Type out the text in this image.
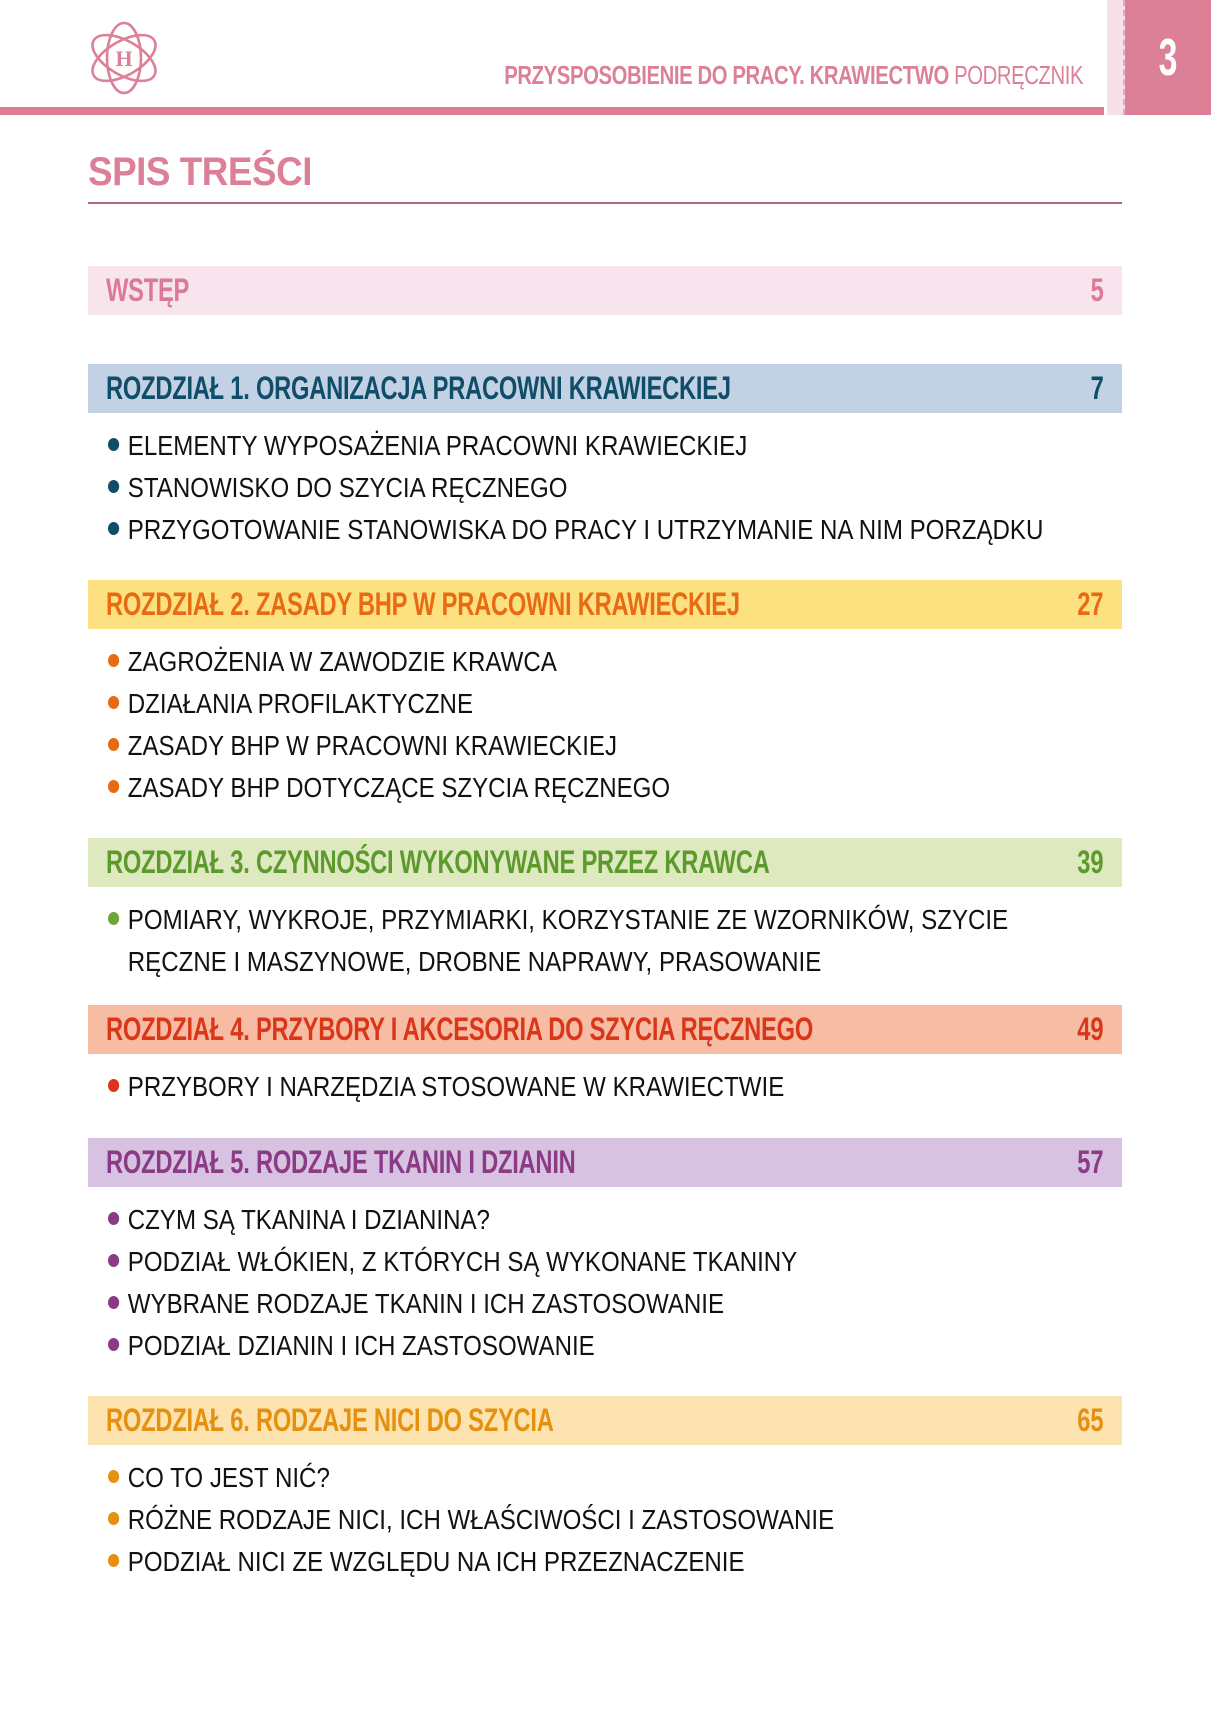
H
PRZYSPOSOBIENIE DO PRACY. KRAWIECTWO PODRĘCZNIK	3
SPIS TREŚCI
WSTĘP	5
ROZDZIAŁ 1. ORGANIZACJA PRACOWNI KRAWIECKIEJ	7
ELEMENTY WYPOSAŻENIA PRACOWNI KRAWIECKIEJ
STANOWISKO DO SZYCIA RĘCZNEGO
PRZYGOTOWANIE STANOWISKA DO PRACY I UTRZYMANIE NA NIM PORZĄDKU
ROZDZIAŁ 2. ZASADY BHP W PRACOWNI KRAWIECKIEJ	27
ZAGROŻENIA W ZAWODZIE KRAWCA
DZIAŁANIA PROFILAKTYCZNE
ZASADY BHP W PRACOWNI KRAWIECKIEJ
ZASADY BHP DOTYCZĄCE SZYCIA RĘCZNEGO
ROZDZIAŁ 3. CZYNNOŚCI WYKONYWANE PRZEZ KRAWCA	39
POMIARY, WYKROJE, PRZYMIARKI, KORZYSTANIE ZE WZORNIKÓW, SZYCIE
RĘCZNE I MASZYNOWE, DROBNE NAPRAWY, PRASOWANIE
ROZDZIAŁ 4. PRZYBORY I AKCESORIA DO SZYCIA RĘCZNEGO	49
PRZYBORY I NARZĘDZIA STOSOWANE W KRAWIECTWIE
ROZDZIAŁ 5. RODZAJE TKANIN I DZIANIN	57
CZYM SĄ TKANINA I DZIANINA?
PODZIAŁ WŁÓKIEN, Z KTÓRYCH SĄ WYKONANE TKANINY
WYBRANE RODZAJE TKANIN I ICH ZASTOSOWANIE
PODZIAŁ DZIANIN I ICH ZASTOSOWANIE
ROZDZIAŁ 6. RODZAJE NICI DO SZYCIA	65
CO TO JEST NIĆ?
RÓŻNE RODZAJE NICI, ICH WŁAŚCIWOŚCI I ZASTOSOWANIE
PODZIAŁ NICI ZE WZGLĘDU NA ICH PRZEZNACZENIE
